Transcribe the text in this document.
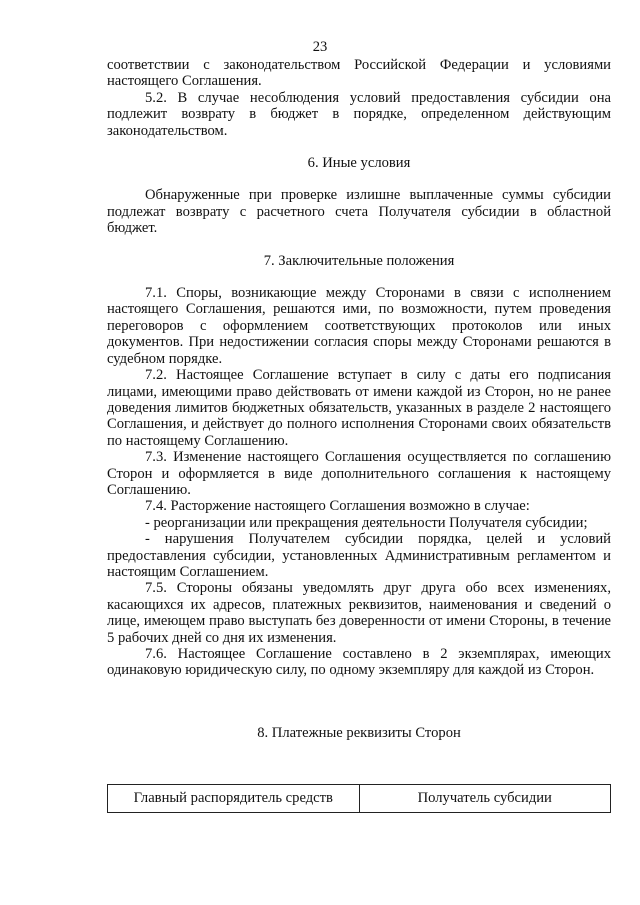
23

соответствии с законодательством Российской Федерации и условиями настоящего Соглашения.

5.2. В случае несоблюдения условий предоставления субсидии она подлежит возврату в бюджет в порядке, определенном действующим законодательством.

6. Иные условия

Обнаруженные при проверке излишне выплаченные суммы субсидии подлежат возврату с расчетного счета Получателя субсидии в областной бюджет.

7. Заключительные положения

7.1. Споры, возникающие между Сторонами в связи с исполнением настоящего Соглашения, решаются ими, по возможности, путем проведения переговоров с оформлением соответствующих протоколов или иных документов. При недостижении согласия споры между Сторонами решаются в судебном порядке.

7.2. Настоящее Соглашение вступает в силу с даты его подписания лицами, имеющими право действовать от имени каждой из Сторон, но не ранее доведения лимитов бюджетных обязательств, указанных в разделе 2 настоящего Соглашения, и действует до полного исполнения Сторонами своих обязательств по настоящему Соглашению.

7.3. Изменение настоящего Соглашения осуществляется по соглашению Сторон и оформляется в виде дополнительного соглашения к настоящему Соглашению.

7.4. Расторжение настоящего Соглашения возможно в случае:

- реорганизации или прекращения деятельности Получателя субсидии;

- нарушения Получателем субсидии порядка, целей и условий предоставления субсидии, установленных Административным регламентом и настоящим Соглашением.

7.5. Стороны обязаны уведомлять друг друга обо всех изменениях, касающихся их адресов, платежных реквизитов, наименования и сведений о лице, имеющем право выступать без доверенности от имени Стороны, в течение 5 рабочих дней со дня их изменения.

7.6. Настоящее Соглашение составлено в 2 экземплярах, имеющих одинаковую юридическую силу, по одному экземпляру для каждой из Сторон.

8. Платежные реквизиты Сторон

Главный распорядитель средств	Получатель субсидии
